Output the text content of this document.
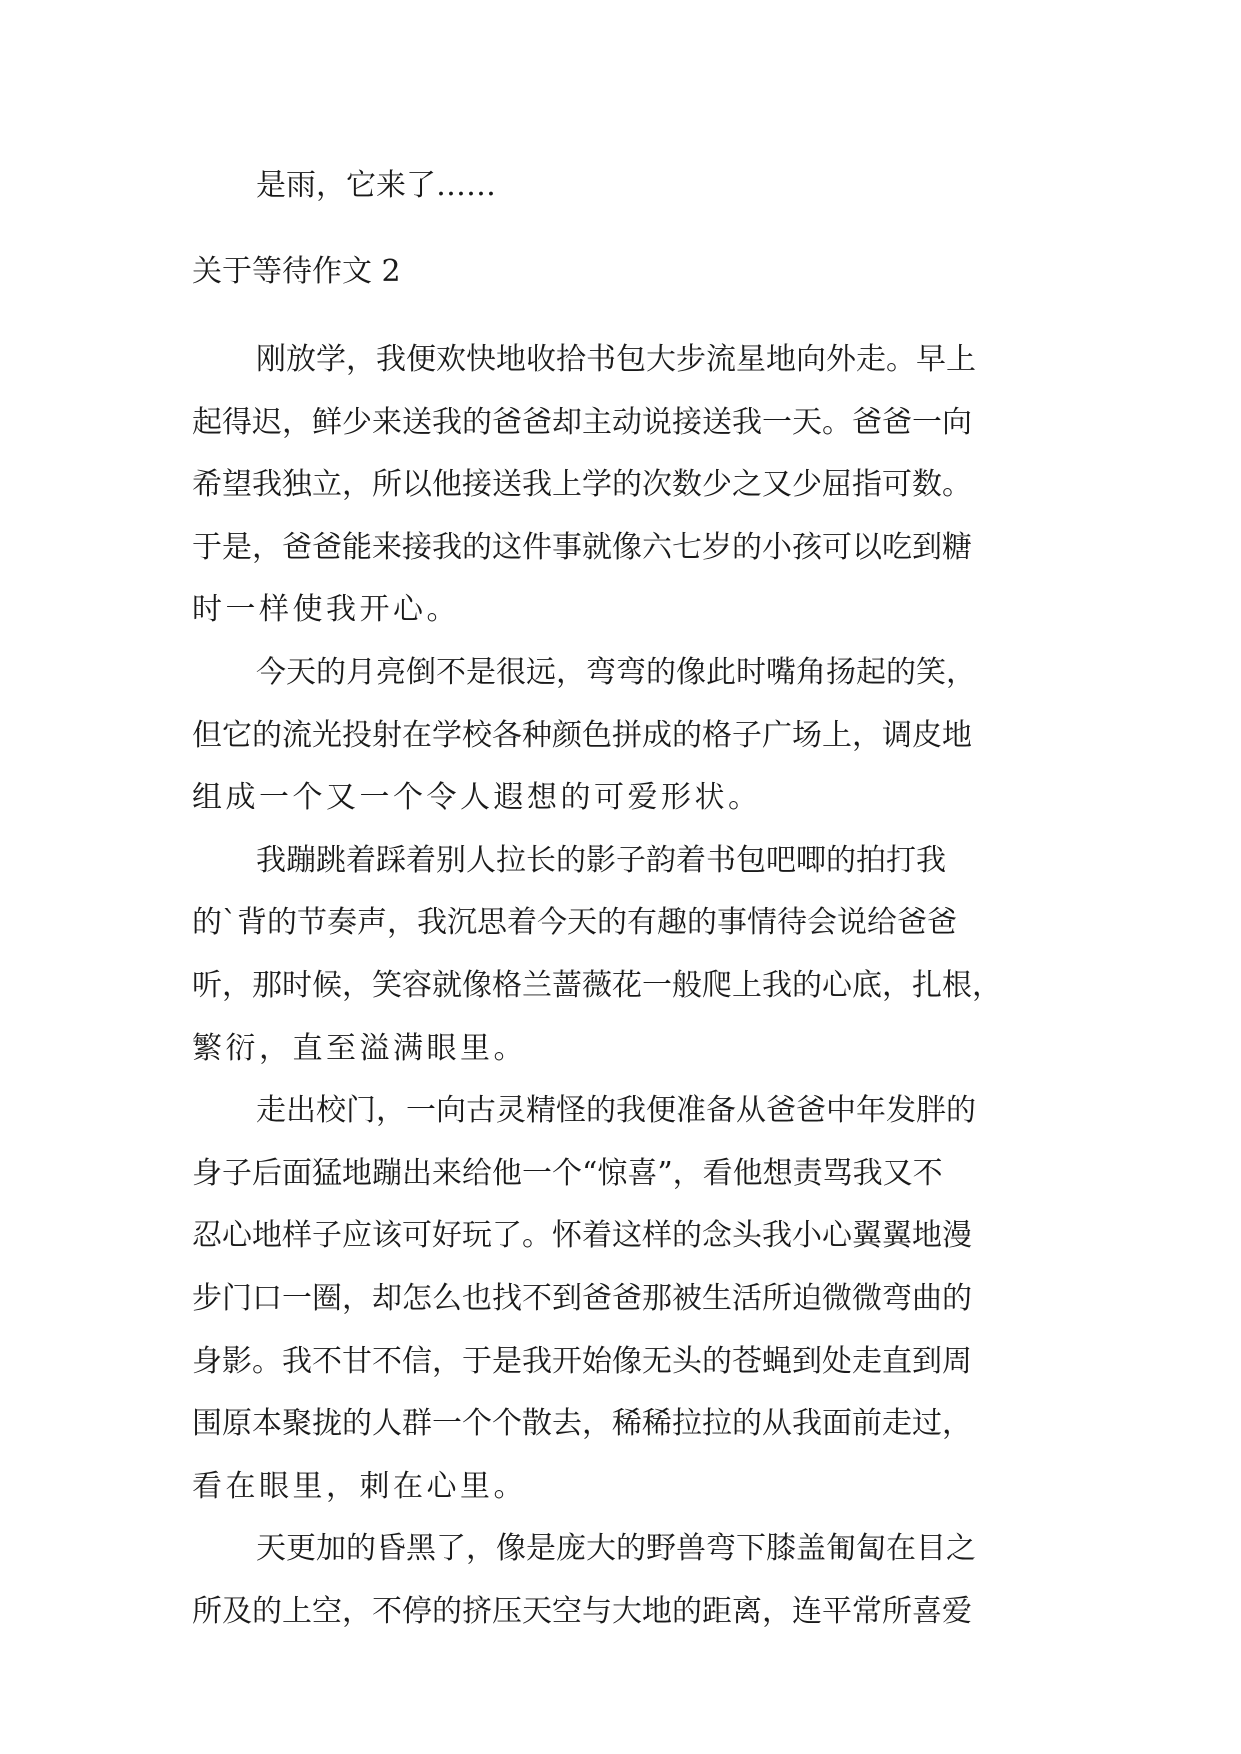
是雨，它来了……
关于等待作文 2
刚放学，我便欢快地收拾书包大步流星地向外走。早上
起得迟，鲜少来送我的爸爸却主动说接送我一天。爸爸一向
希望我独立，所以他接送我上学的次数少之又少屈指可数。
于是，爸爸能来接我的这件事就像六七岁的小孩可以吃到糖
时一样使我开心。
今天的月亮倒不是很远，弯弯的像此时嘴角扬起的笑，
但它的流光投射在学校各种颜色拼成的格子广场上，调皮地
组成一个又一个令人遐想的可爱形状。
我蹦跳着踩着别人拉长的影子韵着书包吧唧的拍打我
的`背的节奏声，我沉思着今天的有趣的事情待会说给爸爸
听，那时候，笑容就像格兰蔷薇花一般爬上我的心底，扎根，
繁衍，直至溢满眼里。
走出校门，一向古灵精怪的我便准备从爸爸中年发胖的
身子后面猛地蹦出来给他一个“惊喜”，看他想责骂我又不
忍心地样子应该可好玩了。怀着这样的念头我小心翼翼地漫
步门口一圈，却怎么也找不到爸爸那被生活所迫微微弯曲的
身影。我不甘不信，于是我开始像无头的苍蝇到处走直到周
围原本聚拢的人群一个个散去，稀稀拉拉的从我面前走过，
看在眼里，刺在心里。
天更加的昏黑了，像是庞大的野兽弯下膝盖匍匐在目之
所及的上空，不停的挤压天空与大地的距离，连平常所喜爱
